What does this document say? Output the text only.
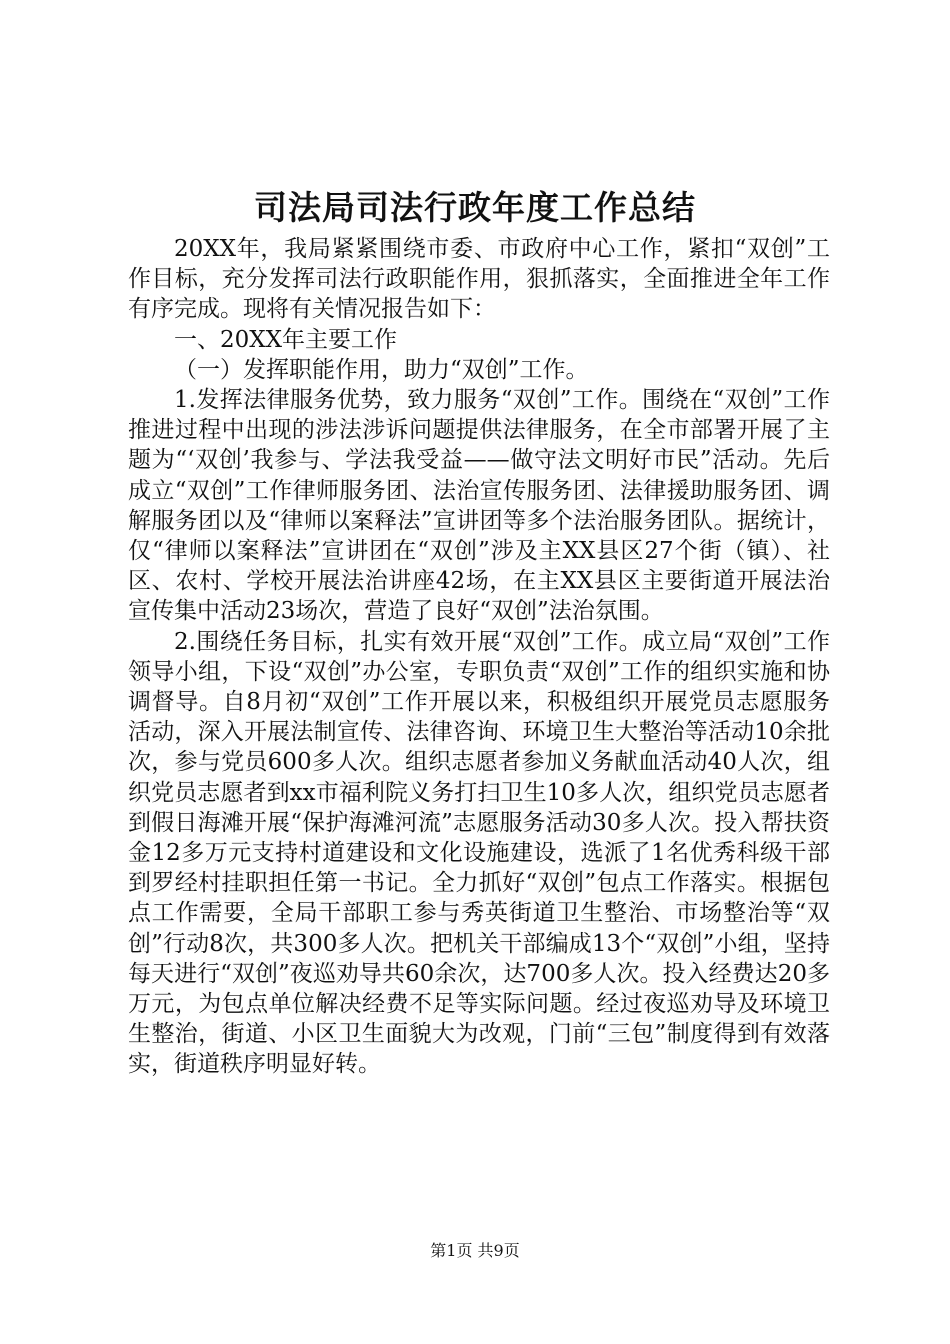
司法局司法行政年度工作总结

20XX年，我局紧紧围绕市委、市政府中心工作，紧扣“双创”工作目标，充分发挥司法行政职能作用，狠抓落实，全面推进全年工作有序完成。现将有关情况报告如下：

一、20XX年主要工作

（一）发挥职能作用，助力“双创”工作。

1.发挥法律服务优势，致力服务“双创”工作。围绕在“双创”工作推进过程中出现的涉法涉诉问题提供法律服务，在全市部署开展了主题为“‘双创’我参与、学法我受益——做守法文明好市民”活动。先后成立“双创”工作律师服务团、法治宣传服务团、法律援助服务团、调解服务团以及“律师以案释法”宣讲团等多个法治服务团队。据统计，仅“律师以案释法”宣讲团在“双创”涉及主XX县区27个街（镇）、社区、农村、学校开展法治讲座42场，在主XX县区主要街道开展法治宣传集中活动23场次，营造了良好“双创”法治氛围。

2.围绕任务目标，扎实有效开展“双创”工作。成立局“双创”工作领导小组，下设“双创”办公室，专职负责“双创”工作的组织实施和协调督导。自8月初“双创”工作开展以来，积极组织开展党员志愿服务活动，深入开展法制宣传、法律咨询、环境卫生大整治等活动10余批次，参与党员600多人次。组织志愿者参加义务献血活动40人次，组织党员志愿者到xx市福利院义务打扫卫生10多人次，组织党员志愿者到假日海滩开展“保护海滩河流”志愿服务活动30多人次。投入帮扶资金12多万元支持村道建设和文化设施建设，选派了1名优秀科级干部到罗经村挂职担任第一书记。全力抓好“双创”包点工作落实。根据包点工作需要，全局干部职工参与秀英街道卫生整治、市场整治等“双创”行动8次，共300多人次。把机关干部编成13个“双创”小组，坚持每天进行“双创”夜巡劝导共60余次，达700多人次。投入经费达20多万元，为包点单位解决经费不足等实际问题。经过夜巡劝导及环境卫生整治，街道、小区卫生面貌大为改观，门前“三包”制度得到有效落实，街道秩序明显好转。

第1页 共9页
